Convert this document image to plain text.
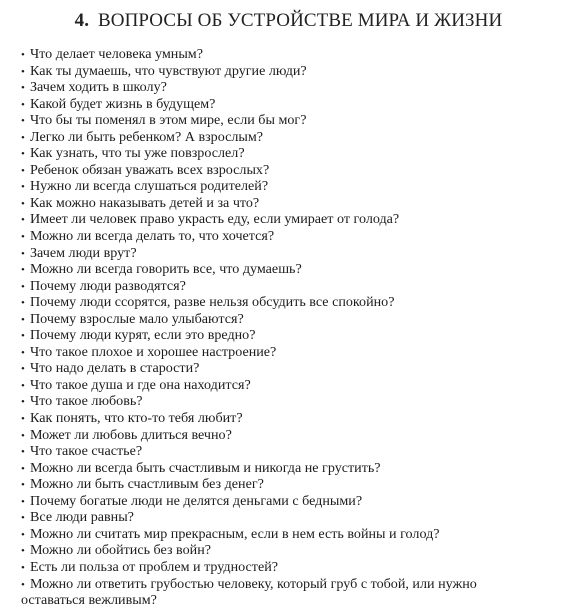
4. ВОПРОСЫ ОБ УСТРОЙСТВЕ МИРА И ЖИЗНИ
• Что делает человека умным?
• Как ты думаешь, что чувствуют другие люди?
• Зачем ходить в школу?
• Какой будет жизнь в будущем?
• Что бы ты поменял в этом мире, если бы мог?
• Легко ли быть ребенком? А взрослым?
• Как узнать, что ты уже повзрослел?
• Ребенок обязан уважать всех взрослых?
• Нужно ли всегда слушаться родителей?
• Как можно наказывать детей и за что?
• Имеет ли человек право украсть еду, если умирает от голода?
• Можно ли всегда делать то, что хочется?
• Зачем люди врут?
• Можно ли всегда говорить все, что думаешь?
• Почему люди разводятся?
• Почему люди ссорятся, разве нельзя обсудить все спокойно?
• Почему взрослые мало улыбаются?
• Почему люди курят, если это вредно?
• Что такое плохое и хорошее настроение?
• Что надо делать в старости?
• Что такое душа и где она находится?
• Что такое любовь?
• Как понять, что кто-то тебя любит?
• Может ли любовь длиться вечно?
• Что такое счастье?
• Можно ли всегда быть счастливым и никогда не грустить?
• Можно ли быть счастливым без денег?
• Почему богатые люди не делятся деньгами с бедными?
• Все люди равны?
• Можно ли считать мир прекрасным, если в нем есть войны и голод?
• Можно ли обойтись без войн?
• Есть ли польза от проблем и трудностей?
• Можно ли ответить грубостью человеку, который груб с тобой, или нужно оставаться вежливым?
